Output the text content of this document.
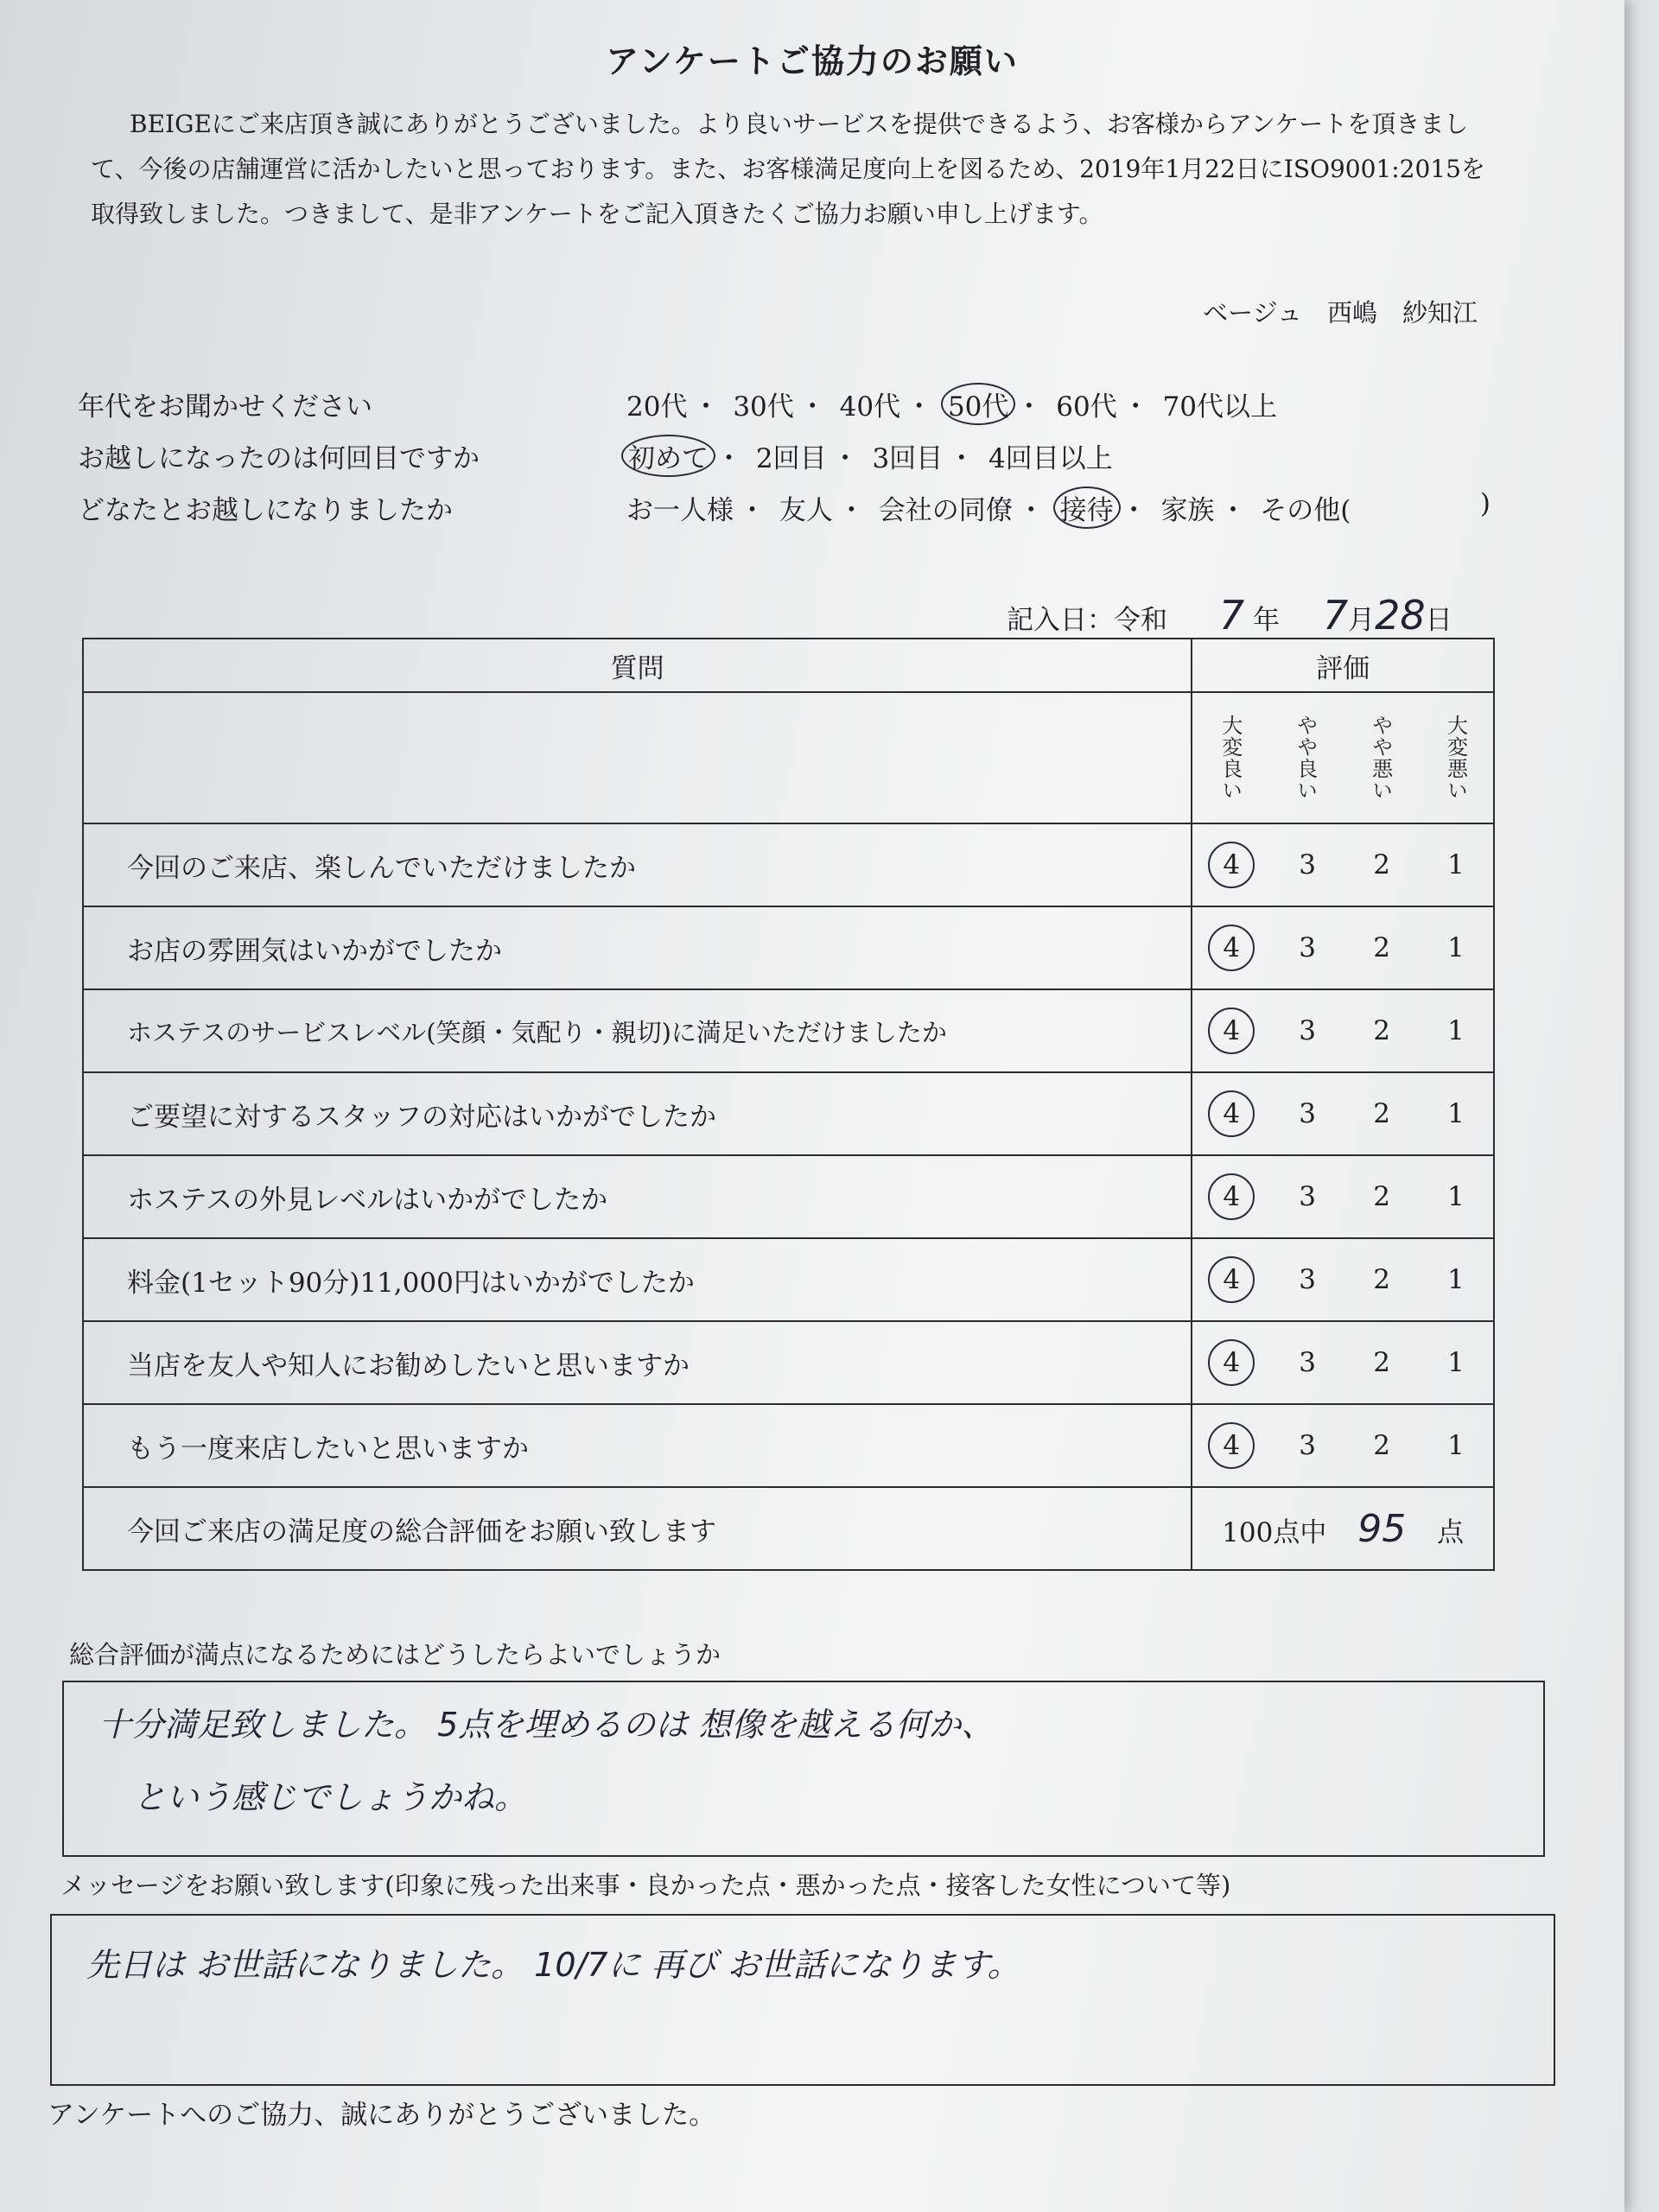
アンケートご協力のお願い

BEIGEにご来店頂き誠にありがとうございました。より良いサービスを提供できるよう、お客様からアンケートを頂きまして、今後の店舗運営に活かしたいと思っております。また、お客様満足度向上を図るため、2019年1月22日にISO9001:2015を取得致しました。つきまして、是非アンケートをご記入頂きたくご協力お願い申し上げます。

ベージュ　西嶋　紗知江
年代をお聞かせください	20代 ・ 30代 ・ 40代 ・ 50代 ・ 60代 ・ 70代以上
お越しになったのは何回目ですか	初めて ・ 2回目 ・ 3回目 ・ 4回目以上
どなたとお越しになりましたか	お一人様 ・ 友人 ・ 会社の同僚 ・ 接待 ・ 家族 ・ その他(	)
記入日：令和 7 年 7月28日
質問	評価

	大変良い やや良い やや悪い 大変悪い

今回のご来店、楽しんでいただけましたか	4 3 2 1

お店の雰囲気はいかがでしたか	4 3 2 1

ホステスのサービスレベル(笑顔・気配り・親切)に満足いただけましたか	4 3 2 1

ご要望に対するスタッフの対応はいかがでしたか	4 3 2 1

ホステスの外見レベルはいかがでしたか	4 3 2 1

料金(1セット90分)11,000円はいかがでしたか	4 3 2 1

当店を友人や知人にお勧めしたいと思いますか	4 3 2 1

もう一度来店したいと思いますか	4 3 2 1

今回ご来店の満足度の総合評価をお願い致します	100点中 95 点
総合評価が満点になるためにはどうしたらよいでしょうか
十分満足致しました。 5点を埋めるのは 想像を越える何か、
という感じでしょうかね。
メッセージをお願い致します(印象に残った出来事・良かった点・悪かった点・接客した女性について等)
先日は お世話になりました。 10/7に 再び お世話になります。
アンケートへのご協力、誠にありがとうございました。
